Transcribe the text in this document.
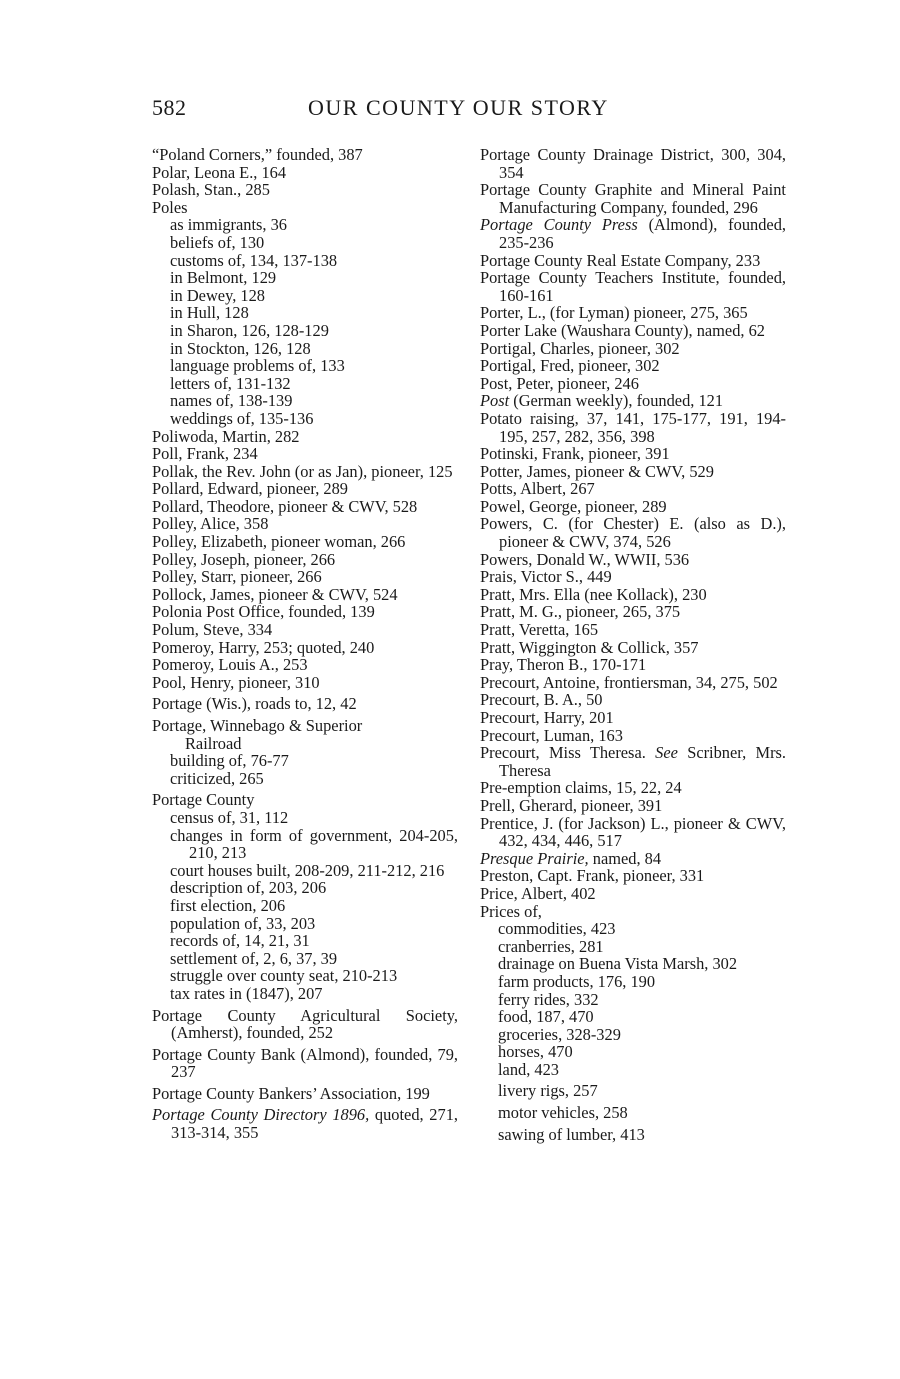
582	OUR COUNTY OUR STORY
“Poland Corners,” founded, 387
Polar, Leona E., 164
Polash, Stan., 285
Poles
as immigrants, 36
beliefs of, 130
customs of, 134, 137-138
in Belmont, 129
in Dewey, 128
in Hull, 128
in Sharon, 126, 128-129
in Stockton, 126, 128
language problems of, 133
letters of, 131-132
names of, 138-139
weddings of, 135-136
Poliwoda, Martin, 282
Poll, Frank, 234
Pollak, the Rev. John (or as Jan), pioneer, 125
Pollard, Edward, pioneer, 289
Pollard, Theodore, pioneer & CWV, 528
Polley, Alice, 358
Polley, Elizabeth, pioneer woman, 266
Polley, Joseph, pioneer, 266
Polley, Starr, pioneer, 266
Pollock, James, pioneer & CWV, 524
Polonia Post Office, founded, 139
Polum, Steve, 334
Pomeroy, Harry, 253; quoted, 240
Pomeroy, Louis A., 253
Pool, Henry, pioneer, 310
Portage (Wis.), roads to, 12, 42
Portage, Winnebago & Superior
Railroad
building of, 76-77
criticized, 265
Portage County
census of, 31, 112
changes in form of government, 204-205, 210, 213
court houses built, 208-209, 211-212, 216
description of, 203, 206
first election, 206
population of, 33, 203
records of, 14, 21, 31
settlement of, 2, 6, 37, 39
struggle over county seat, 210-213
tax rates in (1847), 207
Portage County Agricultural Society, (Amherst), founded, 252
Portage County Bank (Almond), founded, 79, 237
Portage County Bankers’ Association, 199
Portage County Directory 1896, quoted, 271, 313-314, 355
Portage County Drainage District, 300, 304, 354
Portage County Graphite and Mineral Paint Manufacturing Company, founded, 296
Portage County Press (Almond), founded, 235-236
Portage County Real Estate Company, 233
Portage County Teachers Institute, founded, 160-161
Porter, L., (for Lyman) pioneer, 275, 365
Porter Lake (Waushara County), named, 62
Portigal, Charles, pioneer, 302
Portigal, Fred, pioneer, 302
Post, Peter, pioneer, 246
Post (German weekly), founded, 121
Potato raising, 37, 141, 175-177, 191, 194-195, 257, 282, 356, 398
Potinski, Frank, pioneer, 391
Potter, James, pioneer & CWV, 529
Potts, Albert, 267
Powel, George, pioneer, 289
Powers, C. (for Chester) E. (also as D.), pioneer & CWV, 374, 526
Powers, Donald W., WWII, 536
Prais, Victor S., 449
Pratt, Mrs. Ella (nee Kollack), 230
Pratt, M. G., pioneer, 265, 375
Pratt, Veretta, 165
Pratt, Wiggington & Collick, 357
Pray, Theron B., 170-171
Precourt, Antoine, frontiersman, 34, 275, 502
Precourt, B. A., 50
Precourt, Harry, 201
Precourt, Luman, 163
Precourt, Miss Theresa. See Scribner, Mrs. Theresa
Pre-emption claims, 15, 22, 24
Prell, Gherard, pioneer, 391
Prentice, J. (for Jackson) L., pioneer & CWV, 432, 434, 446, 517
Presque Prairie, named, 84
Preston, Capt. Frank, pioneer, 331
Price, Albert, 402
Prices of,
commodities, 423
cranberries, 281
drainage on Buena Vista Marsh, 302
farm products, 176, 190
ferry rides, 332
food, 187, 470
groceries, 328-329
horses, 470
land, 423
livery rigs, 257
motor vehicles, 258
sawing of lumber, 413
